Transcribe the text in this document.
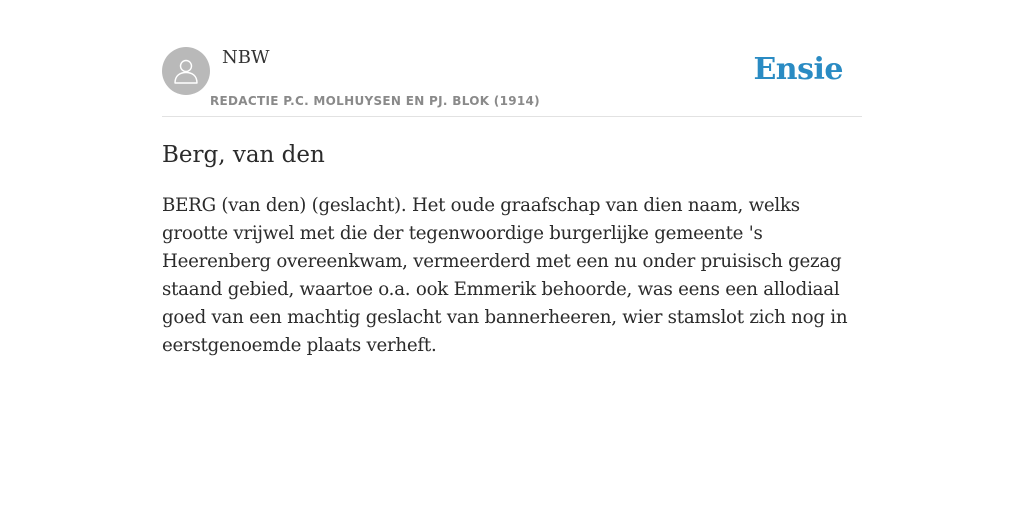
NBW
REDACTIE P.C. MOLHUYSEN EN PJ. BLOK (1914)
Ensie
Berg, van den

BERG (van den) (geslacht). Het oude graafschap van dien naam, welks grootte vrijwel met die der tegenwoordige burgerlijke gemeente 's Heerenberg overeenkwam, vermeerderd met een nu onder pruisisch gezag staand gebied, waartoe o.a. ook Emmerik behoorde, was eens een allodiaal goed van een machtig geslacht van bannerheeren, wier stamslot zich nog in eerstgenoemde plaats verheft.
